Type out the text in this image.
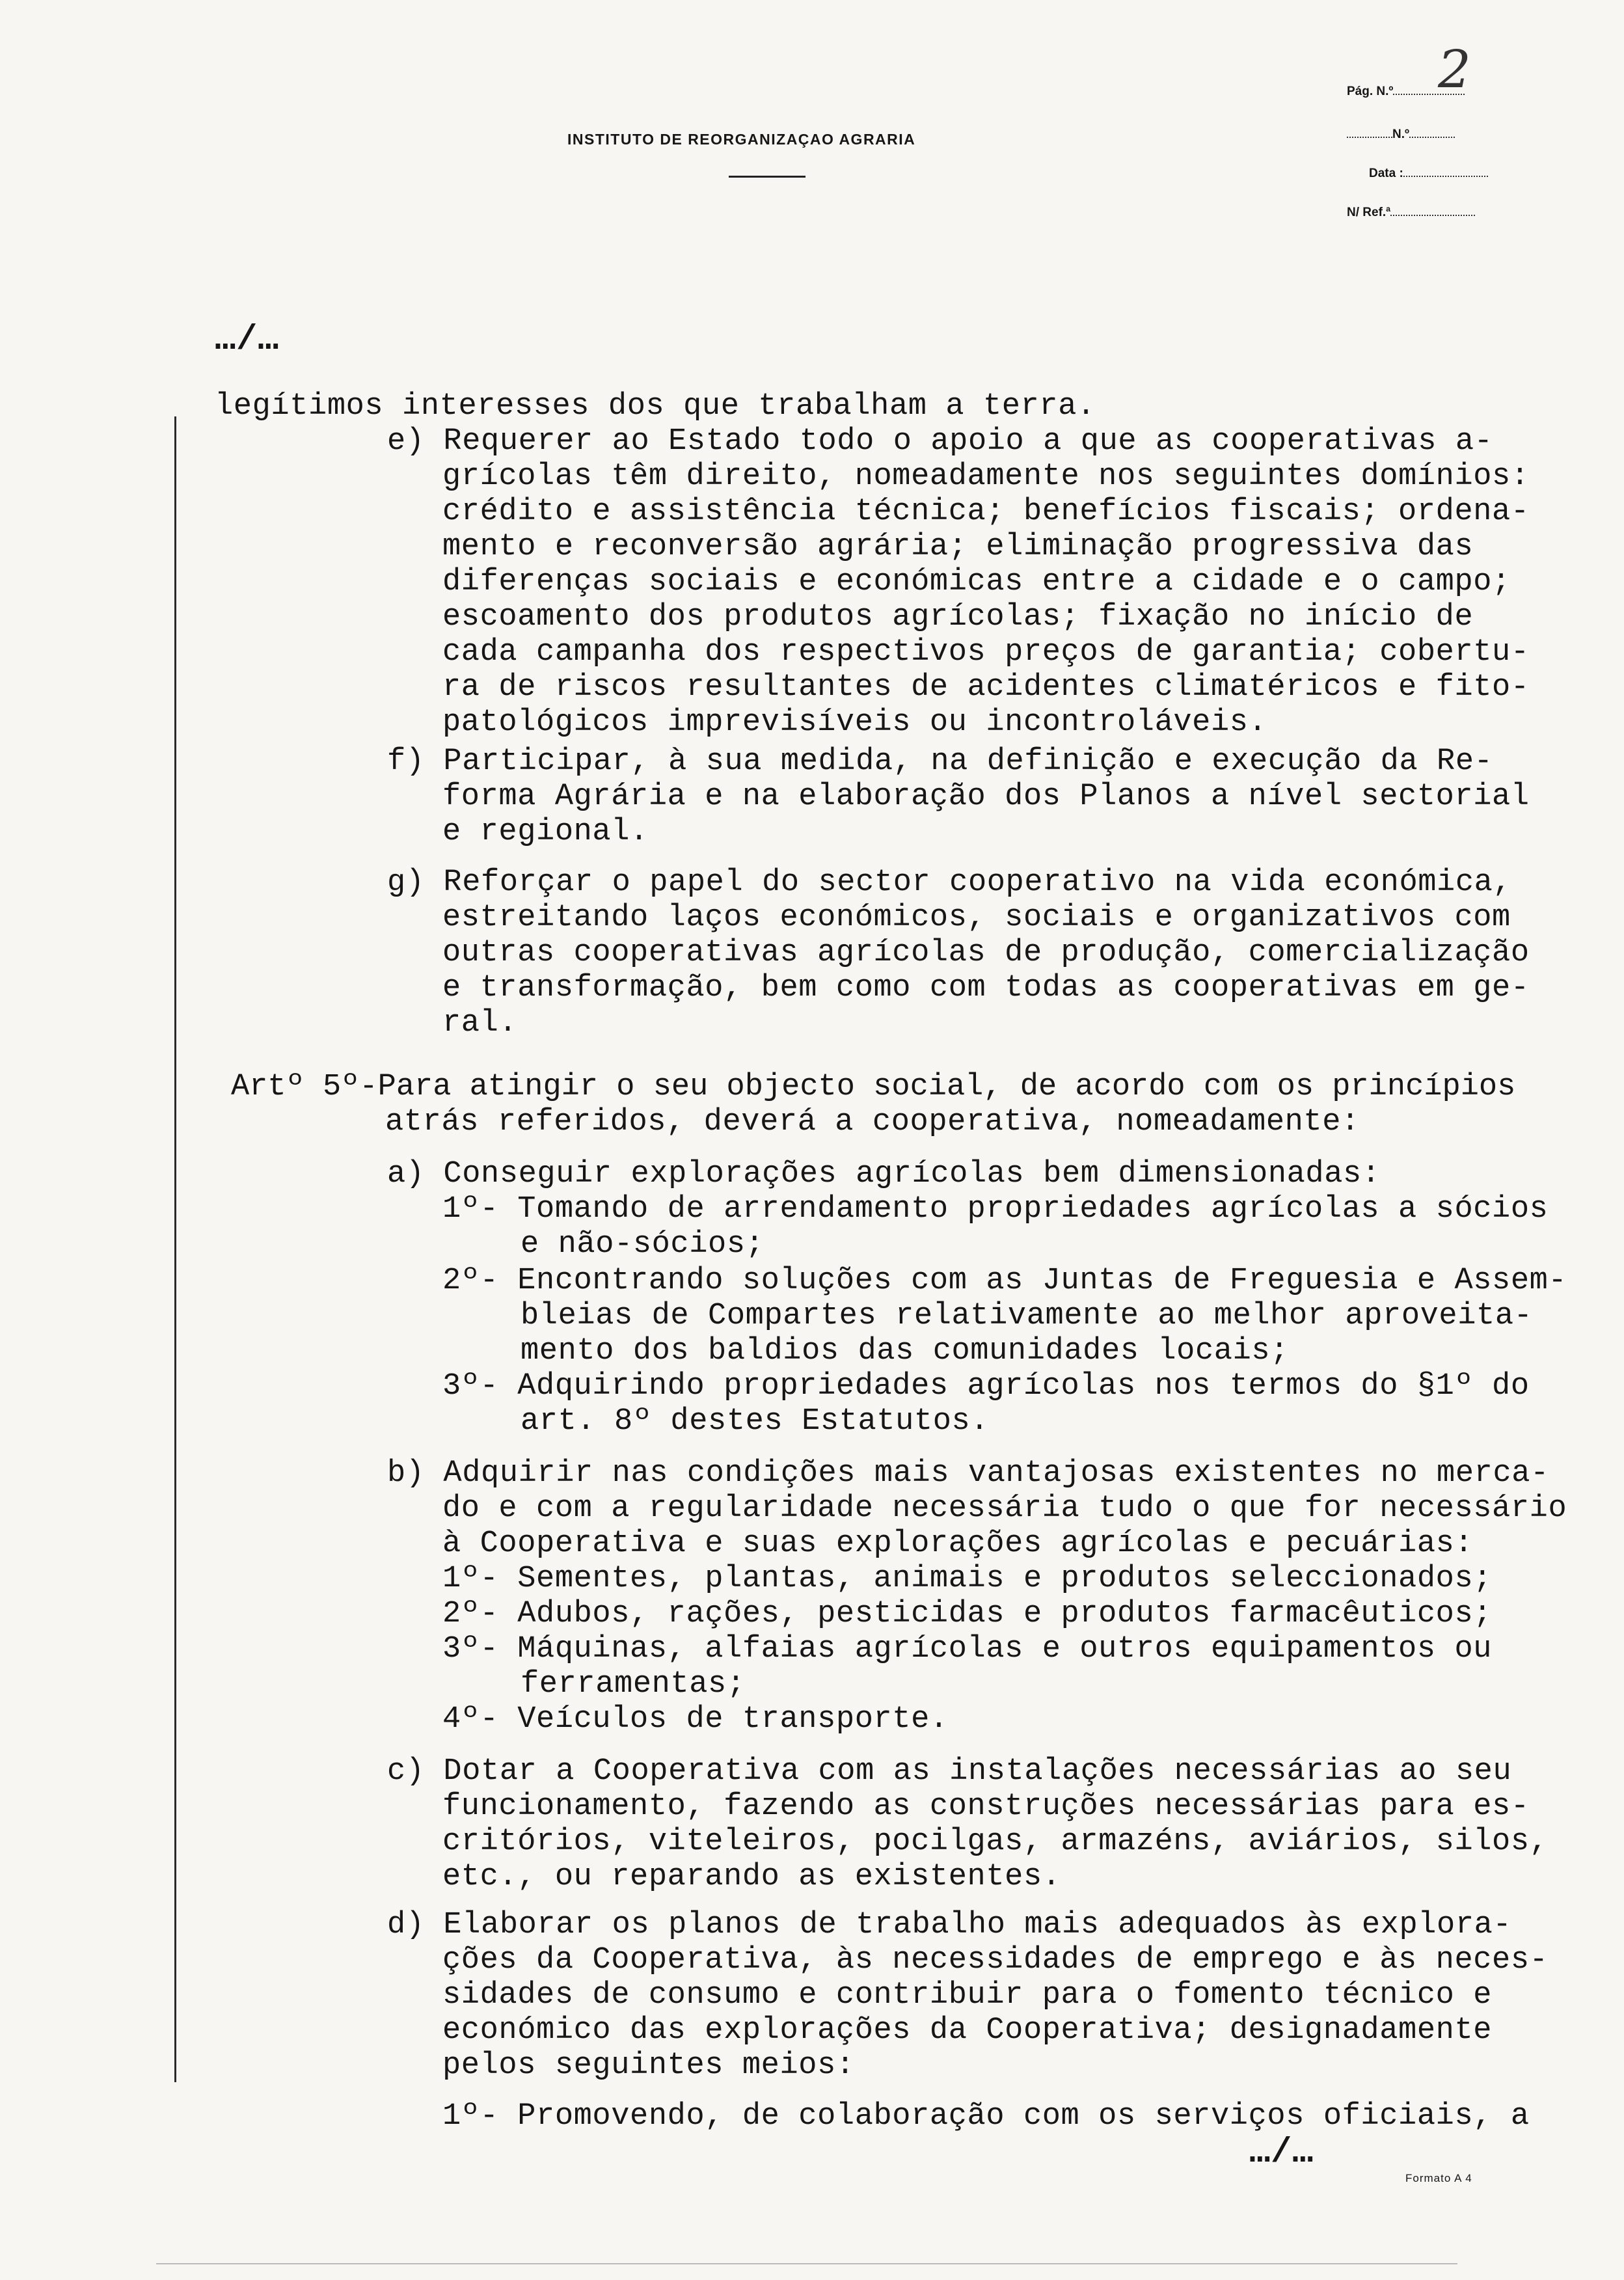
INSTITUTO DE REORGANIZAÇAO AGRARIA
Pág. N.º 2
N.º
Data :
N/ Ref.ª
…/…
legítimos interesses dos que trabalham a terra.
e) Requerer ao Estado todo o apoio a que as cooperativas a-
grícolas têm direito, nomeadamente nos seguintes domínios:
crédito e assistência técnica; benefícios fiscais; ordena-
mento e reconversão agrária; eliminação progressiva das
diferenças sociais e económicas entre a cidade e o campo;
escoamento dos produtos agrícolas; fixação no início de
cada campanha dos respectivos preços de garantia; cobertu-
ra de riscos resultantes de acidentes climatéricos e fito-
patológicos imprevisíveis ou incontroláveis.
f) Participar, à sua medida, na definição e execução da Re-
forma Agrária e na elaboração dos Planos a nível sectorial
e regional.
g) Reforçar o papel do sector cooperativo na vida económica,
estreitando laços económicos, sociais e organizativos com
outras cooperativas agrícolas de produção, comercialização
e transformação, bem como com todas as cooperativas em ge-
ral.
Artº 5º-Para atingir o seu objecto social, de acordo com os princípios
atrás referidos, deverá a cooperativa, nomeadamente:
a) Conseguir explorações agrícolas bem dimensionadas:
1º- Tomando de arrendamento propriedades agrícolas a sócios
e não-sócios;
2º- Encontrando soluções com as Juntas de Freguesia e Assem-
bleias de Compartes relativamente ao melhor aproveita-
mento dos baldios das comunidades locais;
3º- Adquirindo propriedades agrícolas nos termos do §1º do
art. 8º destes Estatutos.
b) Adquirir nas condições mais vantajosas existentes no merca-
do e com a regularidade necessária tudo o que for necessário
à Cooperativa e suas explorações agrícolas e pecuárias:
1º- Sementes, plantas, animais e produtos seleccionados;
2º- Adubos, rações, pesticidas e produtos farmacêuticos;
3º- Máquinas, alfaias agrícolas e outros equipamentos ou
ferramentas;
4º- Veículos de transporte.
c) Dotar a Cooperativa com as instalações necessárias ao seu
funcionamento, fazendo as construções necessárias para es-
critórios, viteleiros, pocilgas, armazéns, aviários, silos,
etc., ou reparando as existentes.
d) Elaborar os planos de trabalho mais adequados às explora-
ções da Cooperativa, às necessidades de emprego e às neces-
sidades de consumo e contribuir para o fomento técnico e
económico das explorações da Cooperativa; designadamente
pelos seguintes meios:
1º- Promovendo, de colaboração com os serviços oficiais, a
…/…
Formato A 4
